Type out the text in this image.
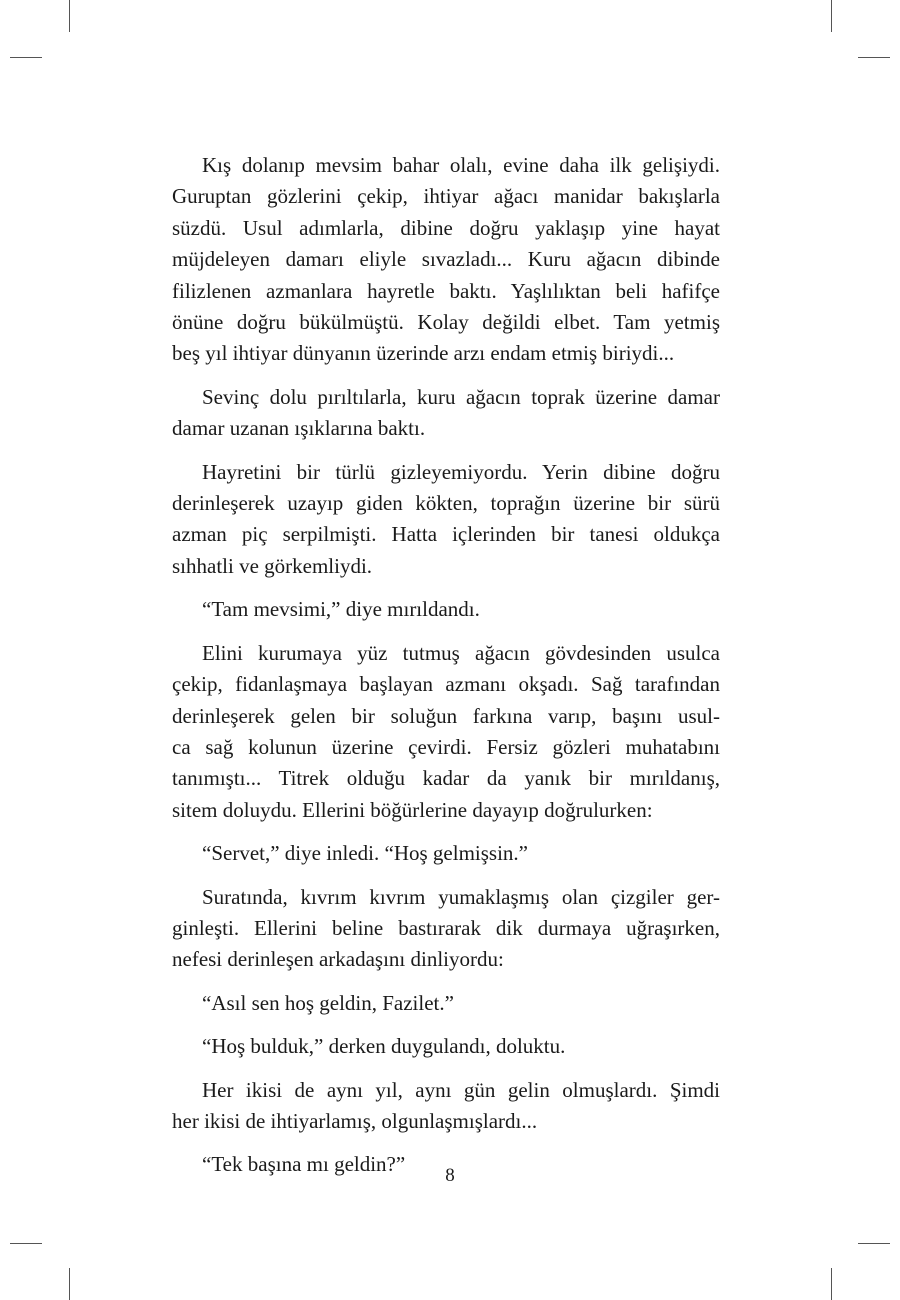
Kış dolanıp mevsim bahar olalı, evine daha ilk gelişiydi.
Guruptan gözlerini çekip, ihtiyar ağacı manidar bakışlarla
süzdü. Usul adımlarla, dibine doğru yaklaşıp yine hayat
müjdeleyen damarı eliyle sıvazladı... Kuru ağacın dibinde
filizlenen azmanlara hayretle baktı. Yaşlılıktan beli hafifçe
önüne doğru bükülmüştü. Kolay değildi elbet. Tam yetmiş
beş yıl ihtiyar dünyanın üzerinde arzı endam etmiş biriydi...

Sevinç dolu pırıltılarla, kuru ağacın toprak üzerine damar
damar uzanan ışıklarına baktı.

Hayretini bir türlü gizleyemiyordu. Yerin dibine doğru
derinleşerek uzayıp giden kökten, toprağın üzerine bir sürü
azman piç serpilmişti. Hatta içlerinden bir tanesi oldukça
sıhhatli ve görkemliydi.

“Tam mevsimi,” diye mırıldandı.

Elini kurumaya yüz tutmuş ağacın gövdesinden usulca
çekip, fidanlaşmaya başlayan azmanı okşadı. Sağ tarafından
derinleşerek gelen bir soluğun farkına varıp, başını usul-
ca sağ kolunun üzerine çevirdi. Fersiz gözleri muhatabını
tanımıştı... Titrek olduğu kadar da yanık bir mırıldanış,
sitem doluydu. Ellerini böğürlerine dayayıp doğrulurken:

“Servet,” diye inledi. “Hoş gelmişsin.”

Suratında, kıvrım kıvrım yumaklaşmış olan çizgiler ger-
ginleşti. Ellerini beline bastırarak dik durmaya uğraşırken,
nefesi derinleşen arkadaşını dinliyordu:

“Asıl sen hoş geldin, Fazilet.”

“Hoş bulduk,” derken duygulandı, doluktu.

Her ikisi de aynı yıl, aynı gün gelin olmuşlardı. Şimdi
her ikisi de ihtiyarlamış, olgunlaşmışlardı...

“Tek başına mı geldin?”	8
